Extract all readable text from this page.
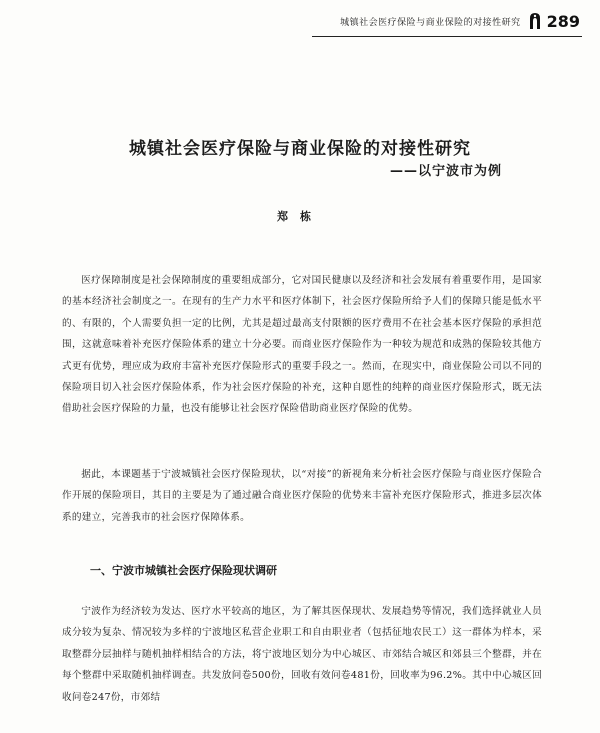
城镇社会医疗保险与商业保险的对接性研究 289
城镇社会医疗保险与商业保险的对接性研究
——以宁波市为例
郑栋

医疗保障制度是社会保障制度的重要组成部分，它对国民健康以及经济和社会发展有着重要作用，是国家的基本经济社会制度之一。在现有的生产力水平和医疗体制下，社会医疗保险所给予人们的保障只能是低水平的、有限的，个人需要负担一定的比例，尤其是超过最高支付限额的医疗费用不在社会基本医疗保险的承担范围，这就意味着补充医疗保险体系的建立十分必要。而商业医疗保险作为一种较为规范和成熟的保险较其他方式更有优势，理应成为政府丰富补充医疗保险形式的重要手段之一。然而，在现实中，商业保险公司以不同的保险项目切入社会医疗保险体系，作为社会医疗保险的补充，这种自愿性的纯粹的商业医疗保险形式，既无法借助社会医疗保险的力量，也没有能够让社会医疗保险借助商业医疗保险的优势。

据此，本课题基于宁波城镇社会医疗保险现状，以“对接”的新视角来分析社会医疗保险与商业医疗保险合作开展的保险项目，其目的主要是为了通过融合商业医疗保险的优势来丰富补充医疗保险形式，推进多层次体系的建立，完善我市的社会医疗保障体系。

一、宁波市城镇社会医疗保险现状调研

宁波作为经济较为发达、医疗水平较高的地区，为了解其医保现状、发展趋势等情况，我们选择就业人员成分较为复杂、情况较为多样的宁波地区私营企业职工和自由职业者（包括征地农民工）这一群体为样本，采取整群分层抽样与随机抽样相结合的方法，将宁波地区划分为中心城区、市郊结合城区和郊县三个整群，并在每个整群中采取随机抽样调查。共发放问卷500份，回收有效问卷481份，回收率为96.2%。其中中心城区回收问卷247份，市郊结
